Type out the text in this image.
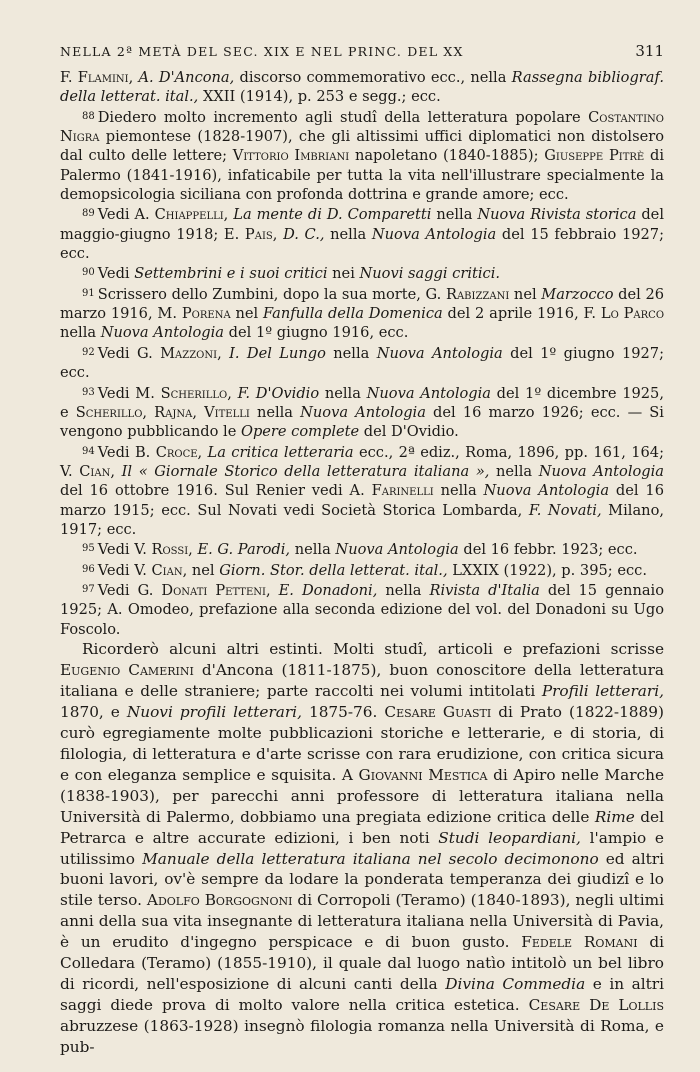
NELLA 2ª METÀ DEL SEC. XIX E NEL PRINC. DEL XX	311

F. Flamini, A. D'Ancona, discorso commemorativo ecc., nella Rassegna bibliograf. della letterat. ital., XXII (1914), p. 253 e segg.; ecc.

$^{88}$ Diedero molto incremento agli studî della letteratura popolare Costantino Nigra piemontese (1828-1907), che gli altissimi uffici diplomatici non distolsero dal culto delle lettere; Vittorio Imbriani napoletano (1840-1885); Giuseppe Pitrè di Palermo (1841-1916), infaticabile per tutta la vita nell'illustrare specialmente la demopsicologia siciliana con profonda dottrina e grande amore; ecc.

$^{89}$ Vedi A. Chiappelli, La mente di D. Comparetti nella Nuova Rivista storica del maggio-giugno 1918; E. Pais, D. C., nella Nuova Antologia del 15 febbraio 1927; ecc.

$^{90}$ Vedi Settembrini e i suoi critici nei Nuovi saggi critici.

$^{91}$ Scrissero dello Zumbini, dopo la sua morte, G. Rabizzani nel Marzocco del 26 marzo 1916, M. Porena nel Fanfulla della Domenica del 2 aprile 1916, F. Lo Parco nella Nuova Antologia del 1º giugno 1916, ecc.

$^{92}$ Vedi G. Mazzoni, I. Del Lungo nella Nuova Antologia del 1º giugno 1927; ecc.

$^{93}$ Vedi M. Scherillo, F. D'Ovidio nella Nuova Antologia del 1º dicembre 1925, e Scherillo, Rajna, Vitelli nella Nuova Antologia del 16 marzo 1926; ecc. — Si vengono pubblicando le Opere complete del D'Ovidio.

$^{94}$ Vedi B. Croce, La critica letteraria ecc., 2ª ediz., Roma, 1896, pp. 161, 164; V. Cian, Il « Giornale Storico della letteratura italiana », nella Nuova Antologia del 16 ottobre 1916. Sul Renier vedi A. Farinelli nella Nuova Antologia del 16 marzo 1915; ecc. Sul Novati vedi Società Storica Lombarda, F. Novati, Milano, 1917; ecc.

$^{95}$ Vedi V. Rossi, E. G. Parodi, nella Nuova Antologia del 16 febbr. 1923; ecc.

$^{96}$ Vedi V. Cian, nel Giorn. Stor. della letterat. ital., LXXIX (1922), p. 395; ecc.

$^{97}$ Vedi G. Donati Petteni, E. Donadoni, nella Rivista d'Italia del 15 gennaio 1925; A. Omodeo, prefazione alla seconda edizione del vol. del Donadoni su Ugo Foscolo.

Ricorderò alcuni altri estinti. Molti studî, articoli e prefazioni scrisse Eugenio Camerini d'Ancona (1811-1875), buon conoscitore della letteratura italiana e delle straniere; parte raccolti nei volumi intitolati Profili letterari, 1870, e Nuovi profili letterari, 1875-76. Cesare Guasti di Prato (1822-1889) curò egregiamente molte pubblicazioni storiche e letterarie, e di storia, di filologia, di letteratura e d'arte scrisse con rara erudizione, con critica sicura e con eleganza semplice e squisita. A Giovanni Mestica di Apiro nelle Marche (1838-1903), per parecchi anni professore di letteratura italiana nella Università di Palermo, dobbiamo una pregiata edizione critica delle Rime del Petrarca e altre accurate edizioni, i ben noti Studi leopardiani, l'ampio e utilissimo Manuale della letteratura italiana nel secolo decimonono ed altri buoni lavori, ov'è sempre da lodare la ponderata temperanza dei giudizî e lo stile terso. Adolfo Borgognoni di Corropoli (Teramo) (1840-1893), negli ultimi anni della sua vita insegnante di letteratura italiana nella Università di Pavia, è un erudito d'ingegno perspicace e di buon gusto. Fedele Romani di Colledara (Teramo) (1855-1910), il quale dal luogo natìo intitolò un bel libro di ricordi, nell'esposizione di alcuni canti della Divina Commedia e in altri saggi diede prova di molto valore nella critica estetica. Cesare De Lollis abruzzese (1863-1928) insegnò filologia romanza nella Università di Roma, e pub-
